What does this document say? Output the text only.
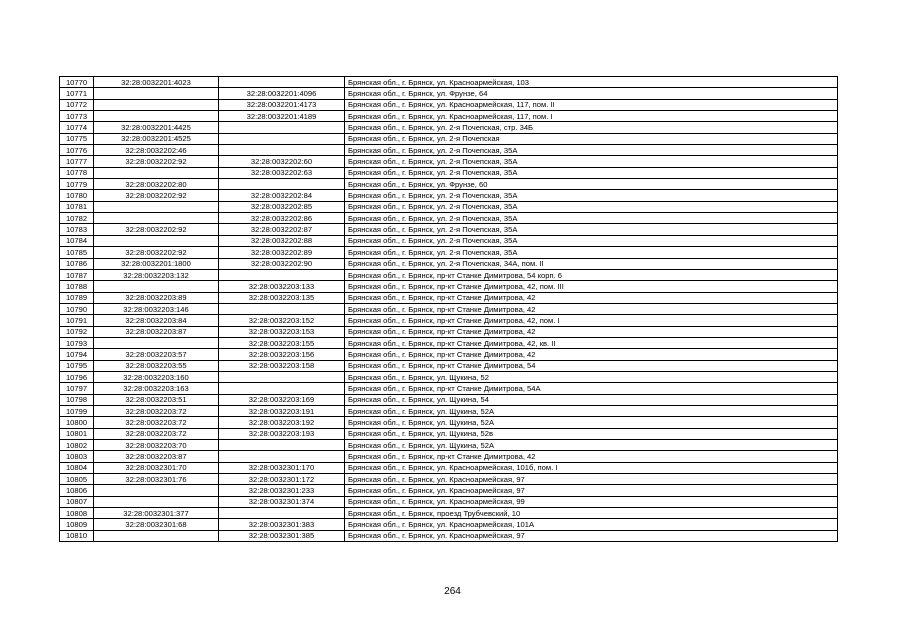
10770	32:28:0032201:4023		Брянская обл., г. Брянск, ул. Красноармейская, 103
10771		32:28:0032201:4096	Брянская обл., г. Брянск, ул. Фрунзе, 64
10772		32:28:0032201:4173	Брянская обл., г. Брянск, ул. Красноармейская, 117, пом. II
10773		32:28:0032201:4189	Брянская обл., г. Брянск, ул. Красноармейская, 117, пом. I
10774	32:28:0032201:4425		Брянская обл., г. Брянск, ул. 2-я Почепская, стр. 34Б
10775	32:28:0032201:4525		Брянская обл., г. Брянск, ул. 2-я Почепская
10776	32:28:0032202:46		Брянская обл., г. Брянск, ул. 2-я Почепская, 35А
10777	32:28:0032202:92	32:28:0032202:60	Брянская обл., г. Брянск, ул. 2-я Почепская, 35А
10778		32:28:0032202:63	Брянская обл., г. Брянск, ул. 2-я Почепская, 35А
10779	32:28:0032202:80		Брянская обл., г. Брянск, ул. Фрунзе, 60
10780	32:28:0032202:92	32:28:0032202:84	Брянская обл., г. Брянск, ул. 2-я Почепская, 35А
10781		32:28:0032202:85	Брянская обл., г. Брянск, ул. 2-я Почепская, 35А
10782		32:28:0032202:86	Брянская обл., г. Брянск, ул. 2-я Почепская, 35А
10783	32:28:0032202:92	32:28:0032202:87	Брянская обл., г. Брянск, ул. 2-я Почепская, 35А
10784		32:28:0032202:88	Брянская обл., г. Брянск, ул. 2-я Почепская, 35А
10785	32:28:0032202:92	32:28:0032202:89	Брянская обл., г. Брянск, ул. 2-я Почепская, 35А
10786	32:28:0032201:1800	32:28:0032202:90	Брянская обл., г. Брянск, ул. 2-я Почепская, 34А, пом. II
10787	32:28:0032203:132		Брянская обл., г. Брянск, пр-кт Станке Димитрова, 54 корп. 6
10788		32:28:0032203:133	Брянская обл., г. Брянск, пр-кт Станке Димитрова, 42, пом. III
10789	32:28:0032203:89	32:28:0032203:135	Брянская обл., г. Брянск, пр-кт Станке Димитрова, 42
10790	32:28:0032203:146		Брянская обл., г. Брянск, пр-кт Станке Димитрова, 42
10791	32:28:0032203:84	32:28:0032203:152	Брянская обл., г. Брянск, пр-кт Станке Димитрова, 42, пом. I
10792	32:28:0032203:87	32:28:0032203:153	Брянская обл., г. Брянск, пр-кт Станке Димитрова, 42
10793		32:28:0032203:155	Брянская обл., г. Брянск, пр-кт Станке Димитрова, 42, кв. II
10794	32:28:0032203:57	32:28:0032203:156	Брянская обл., г. Брянск, пр-кт Станке Димитрова, 42
10795	32:28:0032203:55	32:28:0032203:158	Брянская обл., г. Брянск, пр-кт Станке Димитрова, 54
10796	32:28:0032203:160		Брянская обл., г. Брянск, ул. Щукина, 52
10797	32:28:0032203:163		Брянская обл., г. Брянск, пр-кт Станке Димитрова, 54А
10798	32:28:0032203:51	32:28:0032203:169	Брянская обл., г. Брянск, ул. Щукина, 54
10799	32:28:0032203:72	32:28:0032203:191	Брянская обл., г. Брянск, ул. Щукина, 52А
10800	32:28:0032203:72	32:28:0032203:192	Брянская обл., г. Брянск, ул. Щукина, 52А
10801	32:28:0032203:72	32:28:0032203:193	Брянская обл., г. Брянск, ул. Щукина, 52в
10802	32:28:0032203:70		Брянская обл., г. Брянск, ул. Щукина, 52А
10803	32:28:0032203:87		Брянская обл., г. Брянск, пр-кт Станке Димитрова, 42
10804	32:28:0032301:70	32:28:0032301:170	Брянская обл., г. Брянск, ул. Красноармейская, 101б, пом. I
10805	32:28:0032301:76	32:28:0032301:172	Брянская обл., г. Брянск, ул. Красноармейская, 97
10806		32:28:0032301:233	Брянская обл., г. Брянск, ул. Красноармейская, 97
10807		32:28:0032301:374	Брянская обл., г. Брянск, ул. Красноармейская, 99
10808	32:28:0032301:377		Брянская обл., г. Брянск, проезд Трубчевский, 10
10809	32:28:0032301:68	32:28:0032301:383	Брянская обл., г. Брянск, ул. Красноармейская, 101А
10810		32:28:0032301:385	Брянская обл., г. Брянск, ул. Красноармейская, 97
264
